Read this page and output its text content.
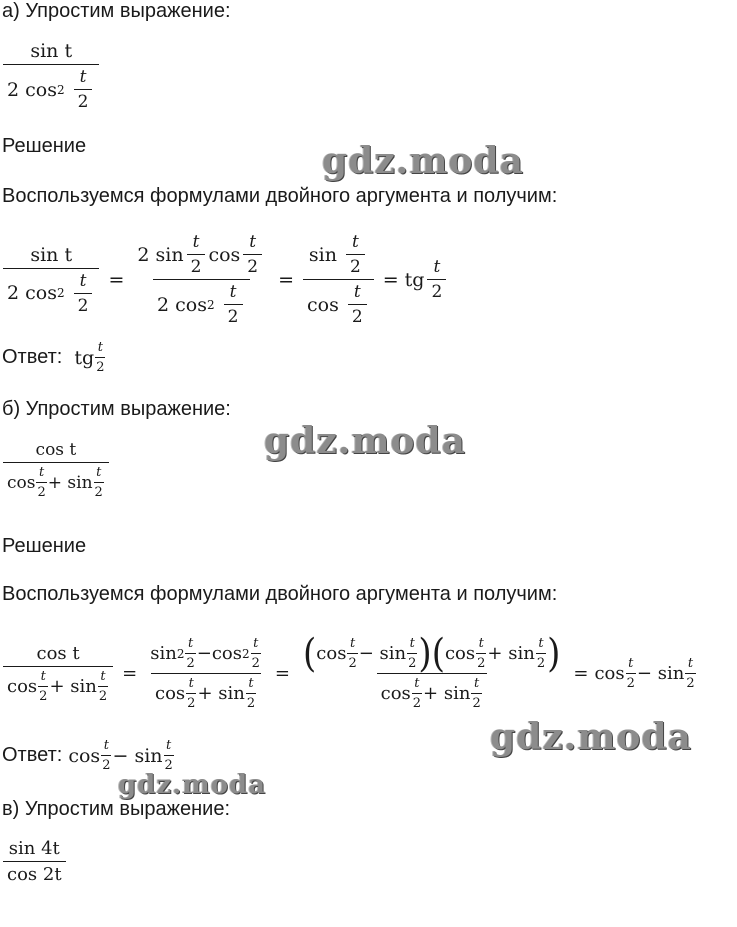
а) Упростим выражение:
sin t
2 cos 2
$\frac{t}{2}$
Решение
Воспользуемся формулами двойного аргумента и получим:
sin t
2 cos 2
$\frac{t}{2} = 2$ $\sin \frac{t}{2}$ $\cos \frac{t}{2}$
2 cos 2
$\frac{t}{2} = \sin$
$\frac{t}{2}$
cos
$\frac{t}{2}$ = tg $\frac{t}{2}$
Ответ:
tg $\frac{t}{2}$
б) Упростим выражение:
cos t
$\cos \frac{t}{2}$ +
$\sin \frac{t}{2}$
Решение
Воспользуемся формулами двойного аргумента и получим:
cos t
$\cos \frac{t}{2}$ +
$\sin \frac{t}{2} = \sin 2 \frac{t}{2} - \cos 2 \frac{t}{2}$
$\cos \frac{t}{2}$ +
$\sin \frac{t}{2}$ = ( $\cos \frac{t}{2}$ −
$\sin \frac{t}{2}$ ) ( $\cos \frac{t}{2}$ +
$\sin \frac{t}{2}$ )
$\cos \frac{t}{2}$ +
$\sin \frac{t}{2}$
= $\cos \frac{t}{2}$ −
$\sin \frac{t}{2}$
Ответ:
$\cos \frac{t}{2}$ −
$\sin \frac{t}{2}$
в) Упростим выражение:
$\frac{\sin 4t}{\cos 2t}$
gdz.moda
gdz.moda
gdz.moda
gdz.moda
